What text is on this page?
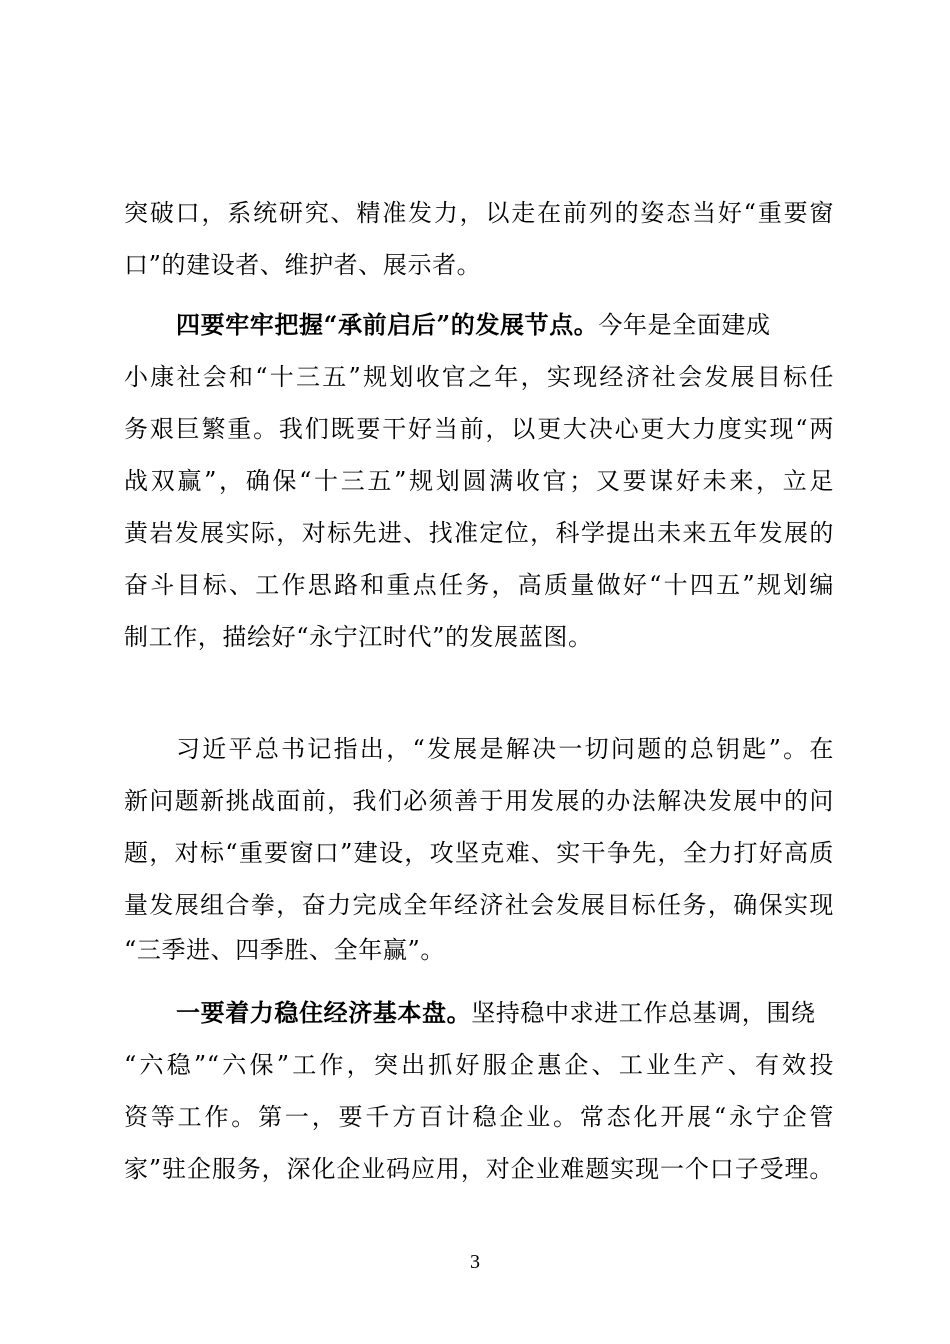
突破口，系统研究、精准发力，以走在前列的姿态当好“重要窗
口”的建设者、维护者、展示者。
四要牢牢把握“承前启后”的发展节点。今年是全面建成
小康社会和“十三五”规划收官之年，实现经济社会发展目标任
务艰巨繁重。我们既要干好当前，以更大决心更大力度实现“两
战双赢”，确保“十三五”规划圆满收官；又要谋好未来，立足
黄岩发展实际，对标先进、找准定位，科学提出未来五年发展的
奋斗目标、工作思路和重点任务，高质量做好“十四五”规划编
制工作，描绘好“永宁江时代”的发展蓝图。
习近平总书记指出，“发展是解决一切问题的总钥匙”。在
新问题新挑战面前，我们必须善于用发展的办法解决发展中的问
题，对标“重要窗口”建设，攻坚克难、实干争先，全力打好高质
量发展组合拳，奋力完成全年经济社会发展目标任务，确保实现
“三季进、四季胜、全年赢”。
一要着力稳住经济基本盘。坚持稳中求进工作总基调，围绕
“六稳”“六保”工作，突出抓好服企惠企、工业生产、有效投
资等工作。第一，要千方百计稳企业。常态化开展“永宁企管
家”驻企服务，深化企业码应用，对企业难题实现一个口子受理。
3
